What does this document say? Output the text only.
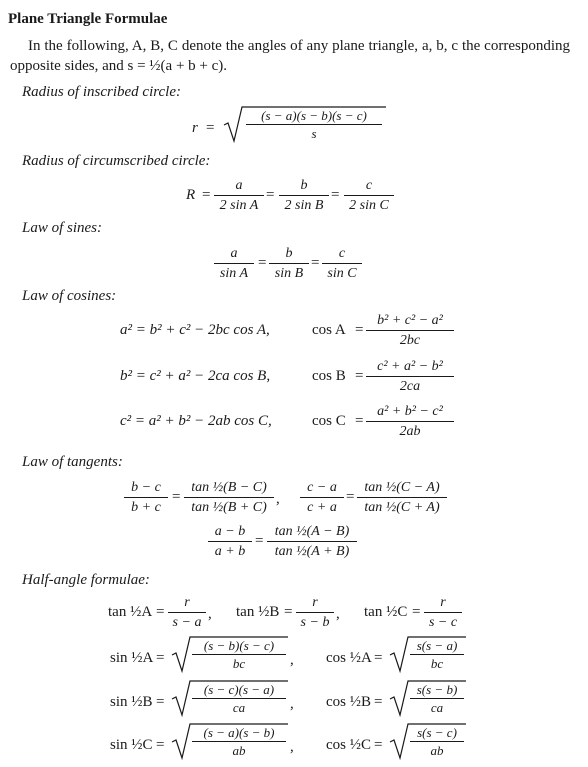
Plane Triangle Formulae
In the following, A, B, C denote the angles of any plane triangle, a, b, c the corresponding opposite sides, and s = ½(a + b + c).
Radius of inscribed circle:
r =
(s − a)(s − b)(s − c)
s
Radius of circumscribed circle:
R =
a
2 sin A
=
b
2 sin B
=
c
2 sin C
Law of sines:
a
sin A
=
b
sin B
=
c
sin C
Law of cosines:
a² = b² + c² − 2bc cos A,	cos A =
b² + c² − a²
2bc
b² = c² + a² − 2ca cos B,	cos B =
c² + a² − b²
2ca
c² = a² + b² − 2ab cos C,	cos C =
a² + b² − c²
2ab
Law of tangents:
b − c
b + c
=
tan ½(B − C)
tan ½(B + C)
,
c − a
c + a
=
tan ½(C − A)
tan ½(C + A)
a − b
a + b
=
tan ½(A − B)
tan ½(A + B)
Half-angle formulae:
tan ½A =
r
s − a
, tan ½B =
r
s − b
, tan ½C =
r
s − c
sin ½A =
(s − b)(s − c)
bc	, cos ½A =
s(s − a)
bc
sin ½B =
(s − c)(s − a)
ca	, cos ½B =
s(s − b)
ca
sin ½C =
(s − a)(s − b)
ab	, cos ½C =
s(s − c)
ab
